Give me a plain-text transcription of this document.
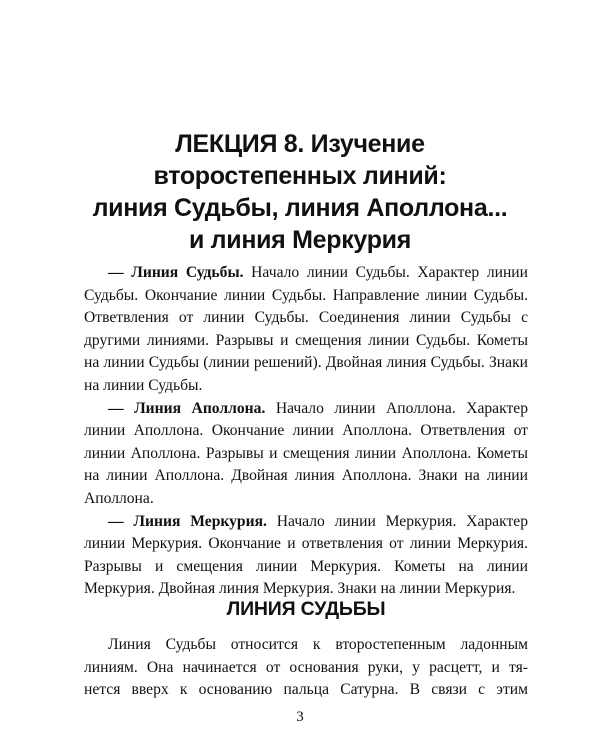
ЛЕКЦИЯ 8. Изучение
второстепенных линий:
линия Судьбы, линия Аполлона...
и линия Меркурия

— Линия Судьбы. Начало линии Судьбы. Характер линии Судьбы. Окончание линии Судьбы. Направление линии Судьбы. Ответвления от линии Судьбы. Соединения линии Судьбы с другими линиями. Разрывы и смещения линии Судьбы. Кометы на линии Судьбы (линии решений). Двойная линия Судьбы. Знаки на линии Судьбы.

— Линия Аполлона. Начало линии Аполлона. Характер линии Аполлона. Окончание линии Аполлона. Ответвления от линии Аполлона. Разрывы и смещения линии Аполлона. Кометы на линии Аполлона. Двойная линия Аполлона. Знаки на линии Аполлона.

— Линия Меркурия. Начало линии Меркурия. Характер линии Меркурия. Окончание и ответвления от линии Меркурия. Разрывы и смещения линии Меркурия. Кометы на линии Меркурия. Двойная линия Меркурия. Знаки на линии Меркурия.

ЛИНИЯ СУДЬБЫ

Линия Судьбы относится к второстепенным ладонным
линиям. Она начинается от основания руки, у расцетт, и тя-
нется вверх к основанию пальца Сатурна. В связи с этим

3
